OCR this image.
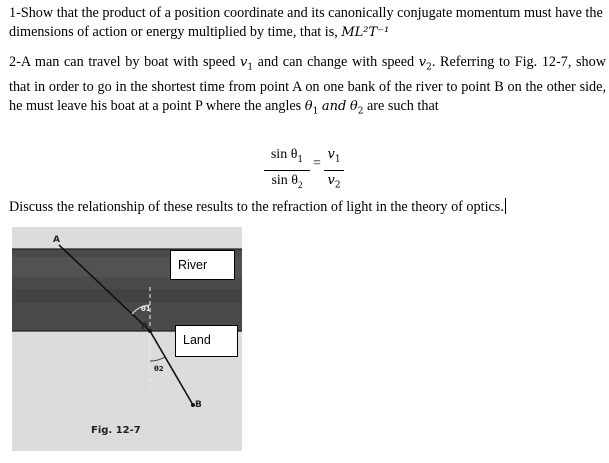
1-Show that the product of a position coordinate and its canonically conjugate momentum must have the dimensions of action or energy multiplied by time, that is, ML²T⁻¹

2-A man can travel by boat with speed $v_1$ and can change with speed $v_2$. Referring to Fig. 12-7, show that in order to go in the shortest time from point A on one bank of the river to point B on the other side, he must leave his boat at a point P where the angles $\theta_1$ and $\theta_2$ are such that

$\sin \theta_1$
$\sin \theta_2$
=
$v_1$
$v_2$

Discuss the relationship of these results to the refraction of light in the theory of optics.

A
P
B
θ1
θ2
Fig. 12-7
River
Land
